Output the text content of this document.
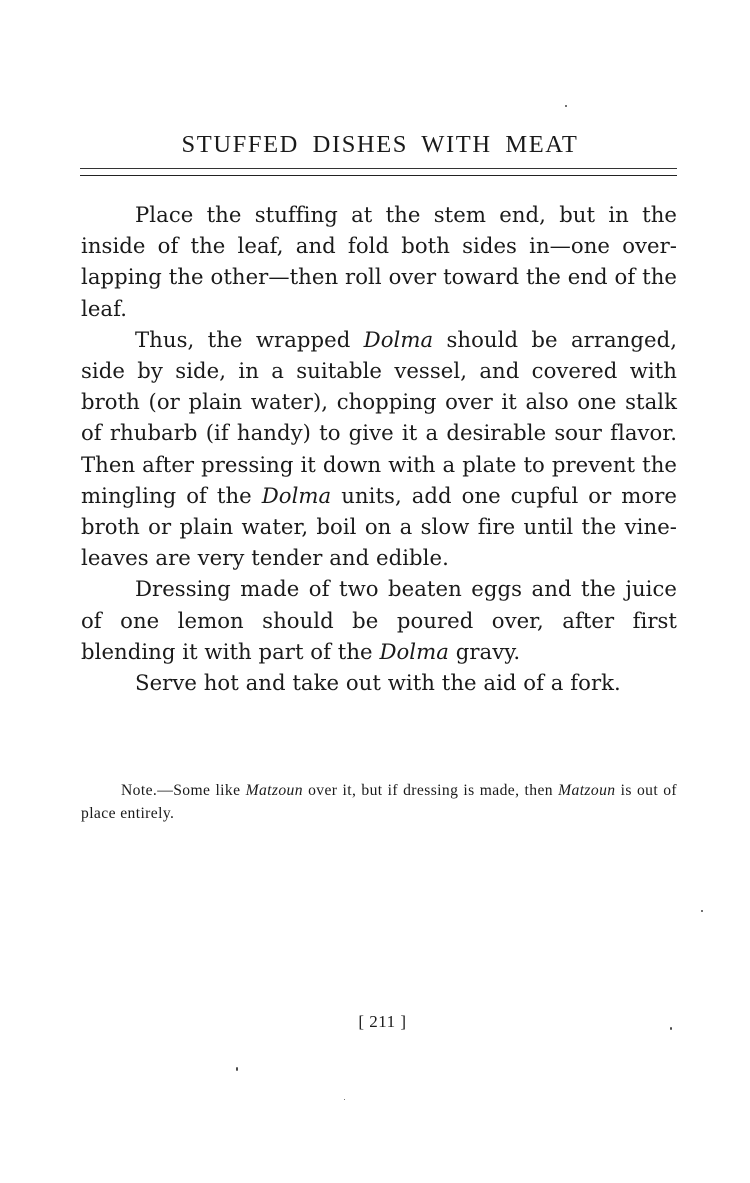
STUFFED DISHES WITH MEAT

Place the stuffing at the stem end, but in the inside of the leaf, and fold both sides in—one over-lapping the other—then roll over toward the end of the leaf.

Thus, the wrapped Dolma should be arranged, side by side, in a suitable vessel, and covered with broth (or plain water), chopping over it also one stalk of rhubarb (if handy) to give it a desirable sour flavor. Then after pressing it down with a plate to prevent the mingling of the Dolma units, add one cupful or more broth or plain water, boil on a slow fire until the vine-leaves are very tender and edible.

Dressing made of two beaten eggs and the juice of one lemon should be poured over, after first blending it with part of the Dolma gravy.

Serve hot and take out with the aid of a fork.

Note.—Some like Matzoun over it, but if dressing is made, then Matzoun is out of place entirely.

[ 211 ]
